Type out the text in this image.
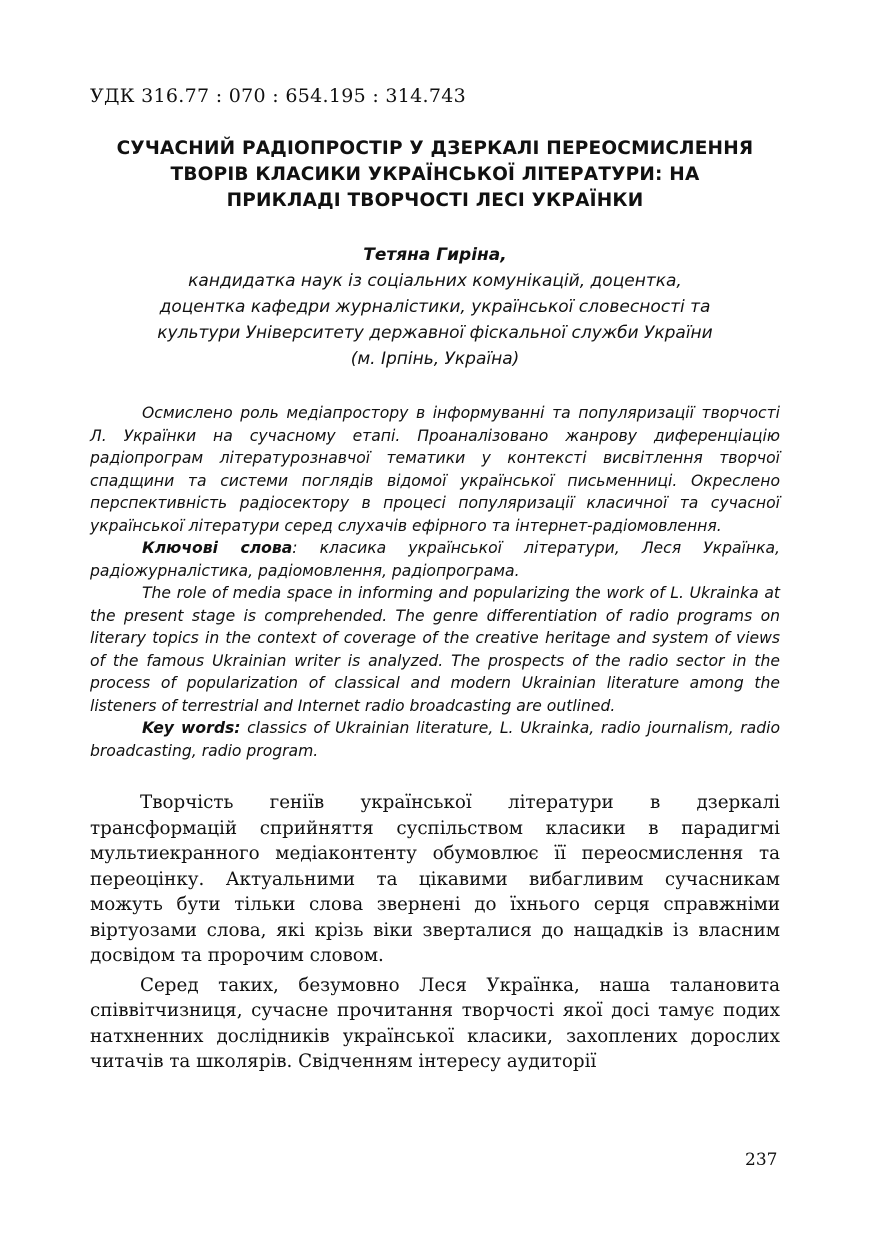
УДК 316.77 : 070 : 654.195 : 314.743
СУЧАСНИЙ РАДІОПРОСТІР У ДЗЕРКАЛІ ПЕРЕОСМИСЛЕННЯ
ТВОРІВ КЛАСИКИ УКРАЇНСЬКОЇ ЛІТЕРАТУРИ: НА
ПРИКЛАДІ ТВОРЧОСТІ ЛЕСІ УКРАЇНКИ
Тетяна Гиріна,
кандидатка наук із соціальних комунікацій, доцентка,
доцентка кафедри журналістики, української словесності та
культури Університету державної фіскальної служби України
(м. Ірпінь, Україна)

Осмислено роль медіапростору в інформуванні та популяризації творчості Л. Українки на сучасному етапі. Проаналізовано жанрову диференціацію радіопрограм літературознавчої тематики у контексті висвітлення творчої спадщини та системи поглядів відомої української письменниці. Окреслено перспективність радіосектору в процесі популяризації класичної та сучасної української літератури серед слухачів ефірного та інтернет-радіомовлення.

Ключові слова: класика української літератури, Леся Українка, радіожурналістика, радіомовлення, радіопрограма.

The role of media space in informing and popularizing the work of L. Ukrainka at the present stage is comprehended. The genre differentiation of radio programs on literary topics in the context of coverage of the creative heritage and system of views of the famous Ukrainian writer is analyzed. The prospects of the radio sector in the process of popularization of classical and modern Ukrainian literature among the listeners of terrestrial and Internet radio broadcasting are outlined.

Key words: classics of Ukrainian literature, L. Ukrainka, radio journalism, radio broadcasting, radio program.

Творчість геніїв української літератури в дзеркалі трансформацій сприйняття суспільством класики в парадигмі мультиекранного медіаконтенту обумовлює її переосмислення та переоцінку. Актуальними та цікавими вибагливим сучасникам можуть бути тільки слова звернені до їхнього серця справжніми віртуозами слова, які крізь віки зверталися до нащадків із власним досвідом та пророчим словом.

Серед таких, безумовно Леся Українка, наша талановита співвітчизниця, сучасне прочитання творчості якої досі тамує подих натхненних дослідників української класики, захоплених дорослих читачів та школярів. Свідченням інтересу аудиторії

237
